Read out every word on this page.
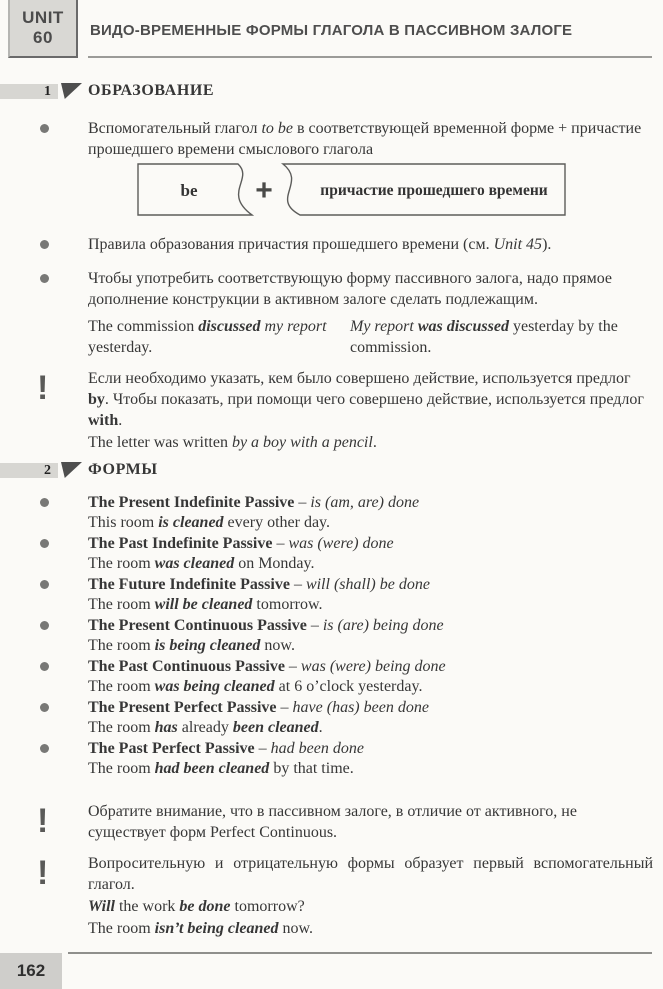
UNIT
60 ВИДО-ВРЕМЕННЫЕ ФОРМЫ ГЛАГОЛА В ПАССИВНОМ ЗАЛОГЕ
1 ОБРАЗОВАНИЕ
Вспомогательный глагол to be в соответствующей временной форме + причастие прошедшего времени смыслового глагола
be +	причастие прошедшего времени
Правила образования причастия прошедшего времени (см. Unit 45).
Чтобы употребить соответствующую форму пассивного залога, надо прямое дополнение конструкции в активном залоге сделать подлежащим.
The commission discussed my report yesterday.
My report was discussed yesterday by the commission.
! Если необходимо указать, кем было совершено действие, используется предлог by. Чтобы показать, при помощи чего совершено действие, используется предлог with.
The letter was written by a boy with a pencil.
2 ФОРМЫ
The Present Indefinite Passive – is (am, are) done
This room is cleaned every other day.
The Past Indefinite Passive – was (were) done
The room was cleaned on Monday.
The Future Indefinite Passive – will (shall) be done
The room will be cleaned tomorrow.
The Present Continuous Passive – is (are) being done
The room is being cleaned now.
The Past Continuous Passive – was (were) being done
The room was being cleaned at 6 o’clock yesterday.
The Present Perfect Passive – have (has) been done
The room has already been cleaned.
The Past Perfect Passive – had been done
The room had been cleaned by that time.
! Обратите внимание, что в пассивном залоге, в отличие от активного, не существует форм Perfect Continuous.
! Вопросительную и отрицательную формы образует первый вспомогательный глагол.
Will the work be done tomorrow?
The room isn’t being cleaned now.
162
